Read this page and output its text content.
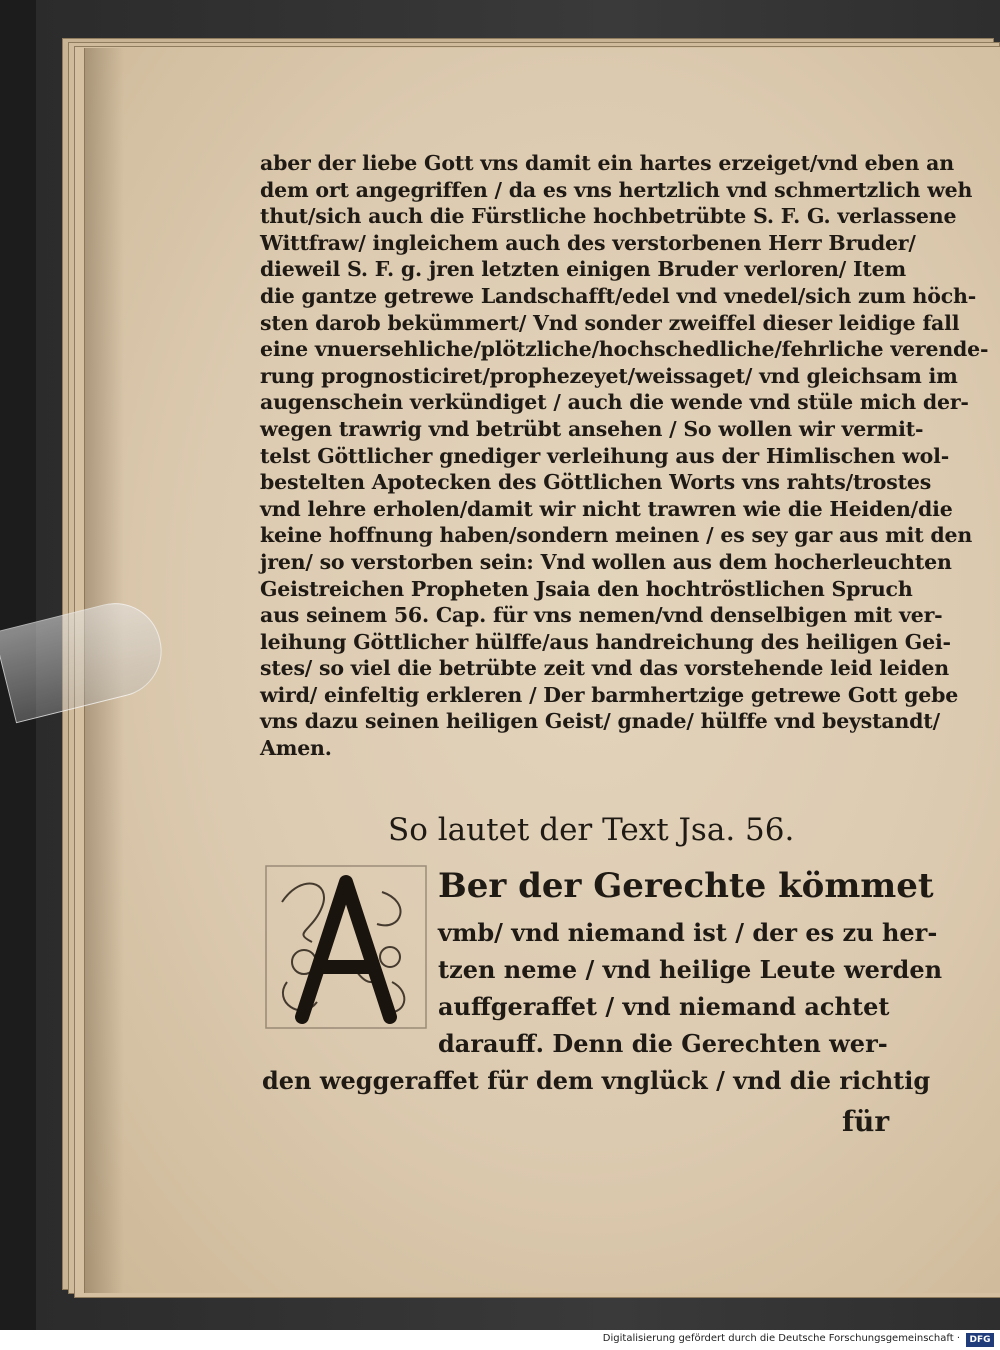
aber der liebe Gott vns damit ein hartes erzeiget/vnd eben an
dem ort angegriffen / da es vns hertzlich vnd schmertzlich weh
thut/sich auch die Fürstliche hochbetrübte S. F. G. verlassene
Wittfraw/ ingleichem auch des verstorbenen Herr Bruder/
dieweil S. F. g. jren letzten einigen Bruder verloren/ Item
die gantze getrewe Landschafft/edel vnd vnedel/sich zum höch-
sten darob bekümmert/ Vnd sonder zweiffel dieser leidige fall
eine vnuersehliche/plötzliche/hochschedliche/fehrliche verende-
rung prognosticiret/prophezeyet/weissaget/ vnd gleichsam im
augenschein verkündiget / auch die wende vnd stüle mich der-
wegen trawrig vnd betrübt ansehen / So wollen wir vermit-
telst Göttlicher gnediger verleihung aus der Himlischen wol-
bestelten Apotecken des Göttlichen Worts vns rahts/trostes
vnd lehre erholen/damit wir nicht trawren wie die Heiden/die
keine hoffnung haben/sondern meinen / es sey gar aus mit den
jren/ so verstorben sein: Vnd wollen aus dem hocherleuchten
Geistreichen Propheten Jsaia den hochtröstlichen Spruch
aus seinem 56. Cap. für vns nemen/vnd denselbigen mit ver-
leihung Göttlicher hülffe/aus handreichung des heiligen Gei-
stes/ so viel die betrübte zeit vnd das vorstehende leid leiden
wird/ einfeltig erkleren / Der barmhertzige getrewe Gott gebe
vns dazu seinen heiligen Geist/ gnade/ hülffe vnd beystandt/
Amen.
So lautet der Text Jsa. 56.
A
Ber der Gerechte kömmet
vmb/ vnd niemand ist / der es zu her-
tzen neme / vnd heilige Leute werden
auffgeraffet / vnd niemand achtet
darauff. Denn die Gerechten wer-
den weggeraffet für dem vnglück / vnd die richtig
für
Digitalisierung gefördert durch die Deutsche Forschungsgemeinschaft ·	DFG
